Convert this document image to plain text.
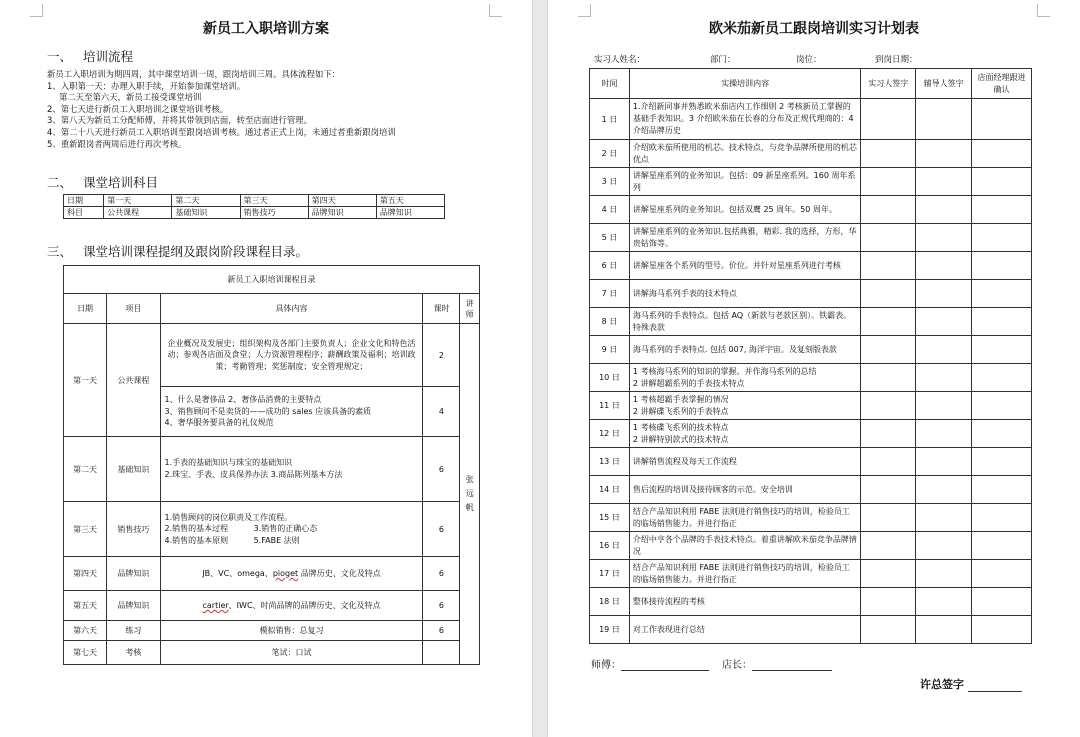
新员工入职培训方案
一、 培训流程
新员工入职培训为期四周，其中课堂培训一周，跟岗培训三周。具体流程如下：
1、入职第一天：办理入职手续，开始参加课堂培训。
第二天至第六天，新员工接受课堂培训
2、第七天进行新员工入职培训之课堂培训考核。
3、第八天为新员工分配师傅，并将其带领到店面，转至店面进行管理。
4、第二十八天进行新员工入职培训至跟岗培训考核。通过者正式上岗，未通过者重新跟岗培训
5、重新跟岗者两周后进行再次考核。
二、 课堂培训科目
日期	第一天	第二天	第三天	第四天	第五天
科目	公共课程	基础知识	销售技巧	品牌知识	品牌知识
三、 课堂培训课程提纲及跟岗阶段课程目录。
新员工入职培训课程目录				
日期	项目	具体内容	课时	讲师
第一天	公共课程	企业概况及发展史；组织架构及各部门主要负责人；企业文化和特色活动；参观各店面及食堂；人力资源管理程序；薪酬政策及福利；培训政策；考勤管理；奖惩制度；安全管理规定；	2	张远帆
		1、什么是奢侈品 2、奢侈品消费的主要特点
3、销售顾问不是卖货的——成功的 sales 应该具备的素质
4、奢华服务要具备的礼仪规范	4	
第二天	基础知识	1.手表的基础知识与珠宝的基础知识
2.珠宝、手表、皮具保养办法 3.商品陈列基本方法	6	
第三天	销售技巧	1.销售顾问的岗位职责及工作流程。
2.销售的基本过程          3.销售的正确心态
4.销售的基本原则          5.FABE 法则	6	
第四天	品牌知识	JB、VC、omega、pioget 品牌历史、文化及特点	6	
第五天	品牌知识	cartier、IWC、时尚品牌的品牌历史、文化及特点	6	
第六天	练习	模拟销售：总复习	6	
第七天	考核	笔试：口试		
欧米茄新员工跟岗培训实习计划表
实习人姓名：	部门：	岗位：	到岗日期：
时间	实操培训内容	实习人签字	辅导人签字	店面经理跟进确认
1 日	1.介绍新同事并熟悉欧米茄店内工作细则 2 考核新员工掌握的基础手表知识。3 介绍欧米茄在长春的分布及正规代理商的：4 介绍品牌历史			
2 日	介绍欧米茄所使用的机芯。技术特点，与竞争品牌所使用的机芯优点			
3 日	讲解星座系列的业务知识。包括：09 新星座系列。160 周年系列			
4 日	讲解星座系列的业务知识。包括双鹰 25 周年。50 周年。			
5 日	讲解星座系列的业务知识.包括典雅，精彩. 我的选择，方形，华贵钻饰等。			
6 日	讲解星座各个系列的型号。价位。并针对星座系列进行考核			
7 日	讲解海马系列手表的技术特点			
8 日	海马系列的手表特点。包括 AQ（新款与老款区别）。铁霸表。特殊表款			
9 日	海马系列的手表特点. 包括 007, 海洋宇宙。及复刻版表款			
10 日	1 考核海马系列的知识的掌握。并作海马系列的总结
2 讲解超霸系列的手表技术特点			
11 日	1 考核超霸手表掌握的情况
2 讲解碟飞系列的手表特点			
12 日	1 考核碟飞系列的技术特点
2 讲解特别款式的技术特点			
13 日	讲解销售流程及每天工作流程			
14 日	售后流程的培训及接待顾客的示范。安全培训			
15 日	结合产品知识利用 FABE 法则进行销售技巧的培训，检验员工的临场销售能力。并进行指正			
16 日	介绍中亨各个品牌的手表技术特点。着重讲解欧米茄竞争品牌情况			
17 日	结合产品知识利用 FABE 法则进行销售技巧的培训，检验员工的临场销售能力。并进行指正			
18 日	整体接待流程的考核			
19 日	对工作表现进行总结			
师傅：	店长：
许总签字
